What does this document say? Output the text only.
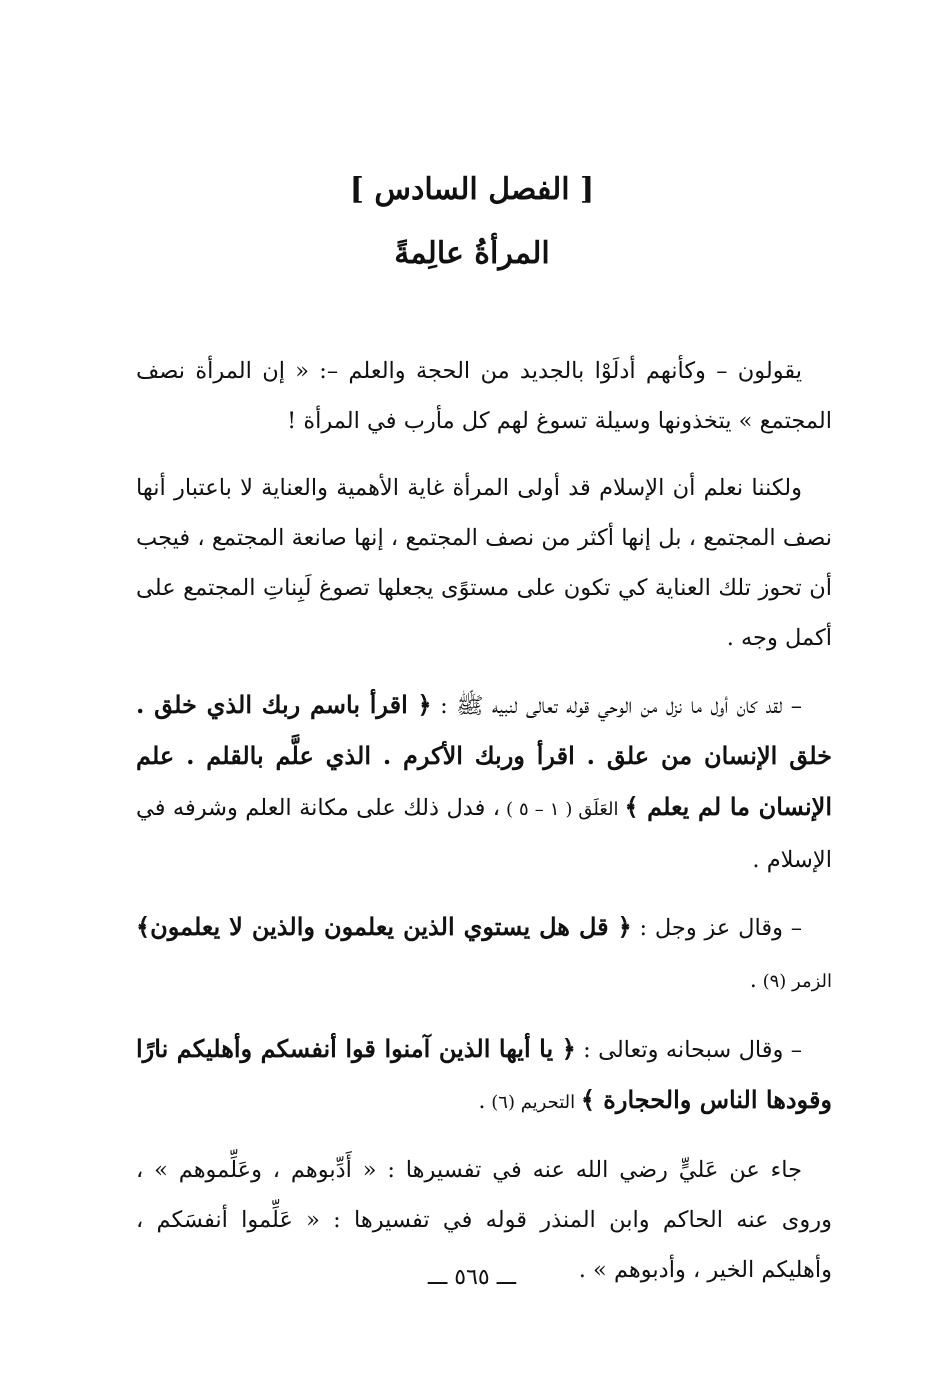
[ الفصل السادس ]
المرأةُ عالِمةً

يقولون – وكأنهم أدلَوْا بالجديد من الحجة والعلم –: « إن المرأة نصف المجتمع » يتخذونها وسيلة تسوغ لهم كل مأرب في المرأة !

ولكننا نعلم أن الإسلام قد أولى المرأة غاية الأهمية والعناية لا باعتبار أنها نصف المجتمع ، بل إنها أكثر من نصف المجتمع ، إنها صانعة المجتمع ، فيجب أن تحوز تلك العناية كي تكون على مستوًى يجعلها تصوغ لَبِناتِ المجتمع على أكمل وجه .

– لقد كان أول ما نزل من الوحي قوله تعالى لنبيه ﷺ : ﴿ اقرأ باسم ربك الذي خلق . خلق الإنسان من علق . اقرأ وربك الأكرم . الذي علَّم بالقلم . علم الإنسان ما لم يعلم ﴾ العَلَق ( ١ – ٥ ) ، فدل ذلك على مكانة العلم وشرفه في الإسلام .

– وقال عز وجل : ﴿ قل هل يستوي الذين يعلمون والذين لا يعلمون﴾ الزمر (٩) .

– وقال سبحانه وتعالى : ﴿ يا أيها الذين آمنوا قوا أنفسكم وأهليكم نارًا وقودها الناس والحجارة ﴾ التحريم (٦) .

جاء عن عَليٍّ رضي الله عنه في تفسيرها : « أَدِّبوهم ، وعَلِّموهم » ، وروى عنه الحاكم وابن المنذر قوله في تفسيرها : « عَلِّموا أنفسَكم ، وأهليكم الخير ، وأدبوهم » .

ـــ ٥٦٥ ـــ
